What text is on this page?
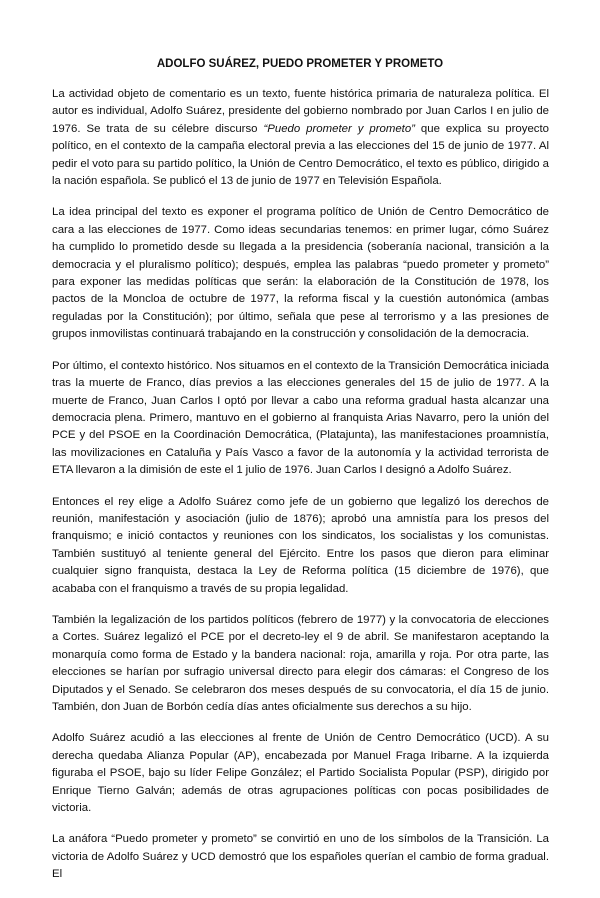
ADOLFO SUÁREZ, PUEDO PROMETER Y PROMETO

La actividad objeto de comentario es un texto, fuente histórica primaria de naturaleza política. El autor es individual, Adolfo Suárez, presidente del gobierno nombrado por Juan Carlos I en julio de 1976. Se trata de su célebre discurso “Puedo prometer y prometo” que explica su proyecto político, en el contexto de la campaña electoral previa a las elecciones del 15 de junio de 1977. Al pedir el voto para su partido político, la Unión de Centro Democrático, el texto es público, dirigido a la nación española. Se publicó el 13 de junio de 1977 en Televisión Española.

La idea principal del texto es exponer el programa político de Unión de Centro Democrático de cara a las elecciones de 1977. Como ideas secundarias tenemos: en primer lugar, cómo Suárez ha cumplido lo prometido desde su llegada a la presidencia (soberanía nacional, transición a la democracia y el pluralismo político); después, emplea las palabras “puedo prometer y prometo” para exponer las medidas políticas que serán: la elaboración de la Constitución de 1978, los pactos de la Moncloa de octubre de 1977, la reforma fiscal y la cuestión autonómica (ambas reguladas por la Constitución); por último, señala que pese al terrorismo y a las presiones de grupos inmovilistas continuará trabajando en la construcción y consolidación de la democracia.

Por último, el contexto histórico. Nos situamos en el contexto de la Transición Democrática iniciada tras la muerte de Franco, días previos a las elecciones generales del 15 de julio de 1977. A la muerte de Franco, Juan Carlos I optó por llevar a cabo una reforma gradual hasta alcanzar una democracia plena. Primero, mantuvo en el gobierno al franquista Arias Navarro, pero la unión del PCE y del PSOE en la Coordinación Democrática, (Platajunta), las manifestaciones proamnistía, las movilizaciones en Cataluña y País Vasco a favor de la autonomía y la actividad terrorista de ETA llevaron a la dimisión de este el 1 julio de 1976. Juan Carlos I designó a Adolfo Suárez.

Entonces el rey elige a Adolfo Suárez como jefe de un gobierno que legalizó los derechos de reunión, manifestación y asociación (julio de 1876); aprobó una amnistía para los presos del franquismo; e inició contactos y reuniones con los sindicatos, los socialistas y los comunistas. También sustituyó al teniente general del Ejército. Entre los pasos que dieron para eliminar cualquier signo franquista, destaca la Ley de Reforma política (15 diciembre de 1976), que acababa con el franquismo a través de su propia legalidad.

También la legalización de los partidos políticos (febrero de 1977) y la convocatoria de elecciones a Cortes. Suárez legalizó el PCE por el decreto-ley el 9 de abril. Se manifestaron aceptando la monarquía como forma de Estado y la bandera nacional: roja, amarilla y roja. Por otra parte, las elecciones se harían por sufragio universal directo para elegir dos cámaras: el Congreso de los Diputados y el Senado. Se celebraron dos meses después de su convocatoria, el día 15 de junio. También, don Juan de Borbón cedía días antes oficialmente sus derechos a su hijo.

Adolfo Suárez acudió a las elecciones al frente de Unión de Centro Democrático (UCD). A su derecha quedaba Alianza Popular (AP), encabezada por Manuel Fraga Iribarne. A la izquierda figuraba el PSOE, bajo su líder Felipe González; el Partido Socialista Popular (PSP), dirigido por Enrique Tierno Galván; además de otras agrupaciones políticas con pocas posibilidades de victoria.

La anáfora “Puedo prometer y prometo” se convirtió en uno de los símbolos de la Transición. La victoria de Adolfo Suárez y UCD demostró que los españoles querían el cambio de forma gradual. El
